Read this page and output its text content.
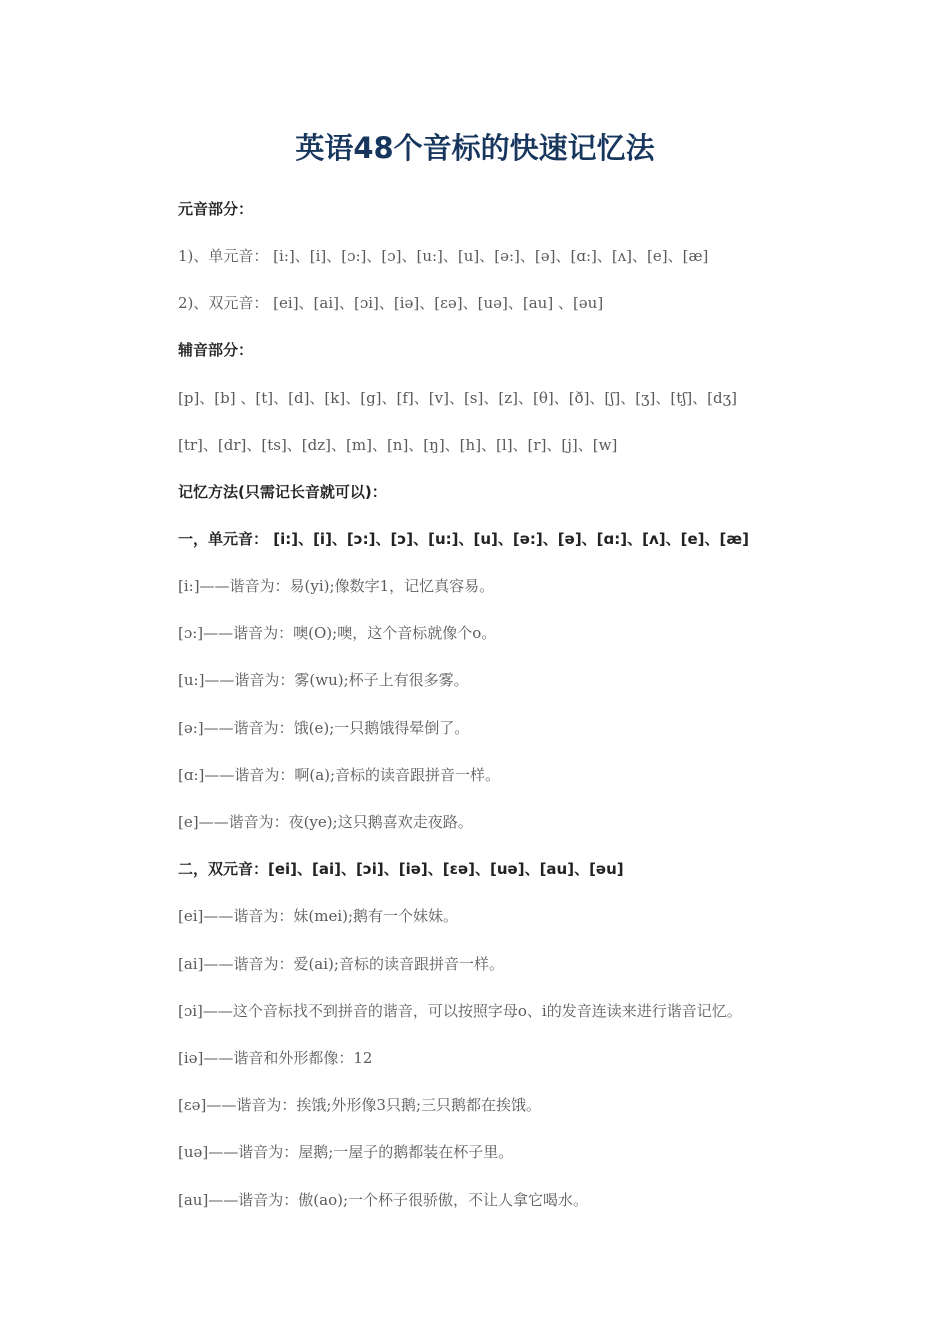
英语48个音标的快速记忆法
元音部分：
1)、单元音： [i:]、[i]、[ɔ:]、[ɔ]、[u:]、[u]、[ə:]、[ə]、[ɑ:]、[ʌ]、[e]、[æ]
2)、双元音： [ei]、[ai]、[ɔi]、[iə]、[ɛə]、[uə]、[au] 、[əu]
辅音部分：
[p]、[b] 、[t]、[d]、[k]、[g]、[f]、[v]、[s]、[z]、[θ]、[ð]、[ʃ]、[ʒ]、[tʃ]、[dʒ]
[tr]、[dr]、[ts]、[dz]、[m]、[n]、[ŋ]、[h]、[l]、[r]、[j]、[w]
记忆方法(只需记长音就可以)：
一，单元音： [i:]、[i]、[ɔ:]、[ɔ]、[u:]、[u]、[ə:]、[ə]、[ɑ:]、[ʌ]、[e]、[æ]
[i:]——谐音为：易(yi);像数字1，记忆真容易。
[ɔ:]——谐音为：噢(O);噢，这个音标就像个o。
[u:]——谐音为：雾(wu);杯子上有很多雾。
[ə:]——谐音为：饿(e);一只鹅饿得晕倒了。
[ɑ:]——谐音为：啊(a);音标的读音跟拼音一样。
[e]——谐音为：夜(ye);这只鹅喜欢走夜路。
二，双元音：[ei]、[ai]、[ɔi]、[iə]、[ɛə]、[uə]、[au]、[əu]
[ei]——谐音为：妹(mei);鹅有一个妹妹。
[ai]——谐音为：爱(ai);音标的读音跟拼音一样。
[ɔi]——这个音标找不到拼音的谐音，可以按照字母o、i的发音连读来进行谐音记忆。
[iə]——谐音和外形都像：12
[ɛə]——谐音为：挨饿;外形像3只鹅;三只鹅都在挨饿。
[uə]——谐音为：屋鹅;一屋子的鹅都装在杯子里。
[au]——谐音为：傲(ao);一个杯子很骄傲，不让人拿它喝水。
